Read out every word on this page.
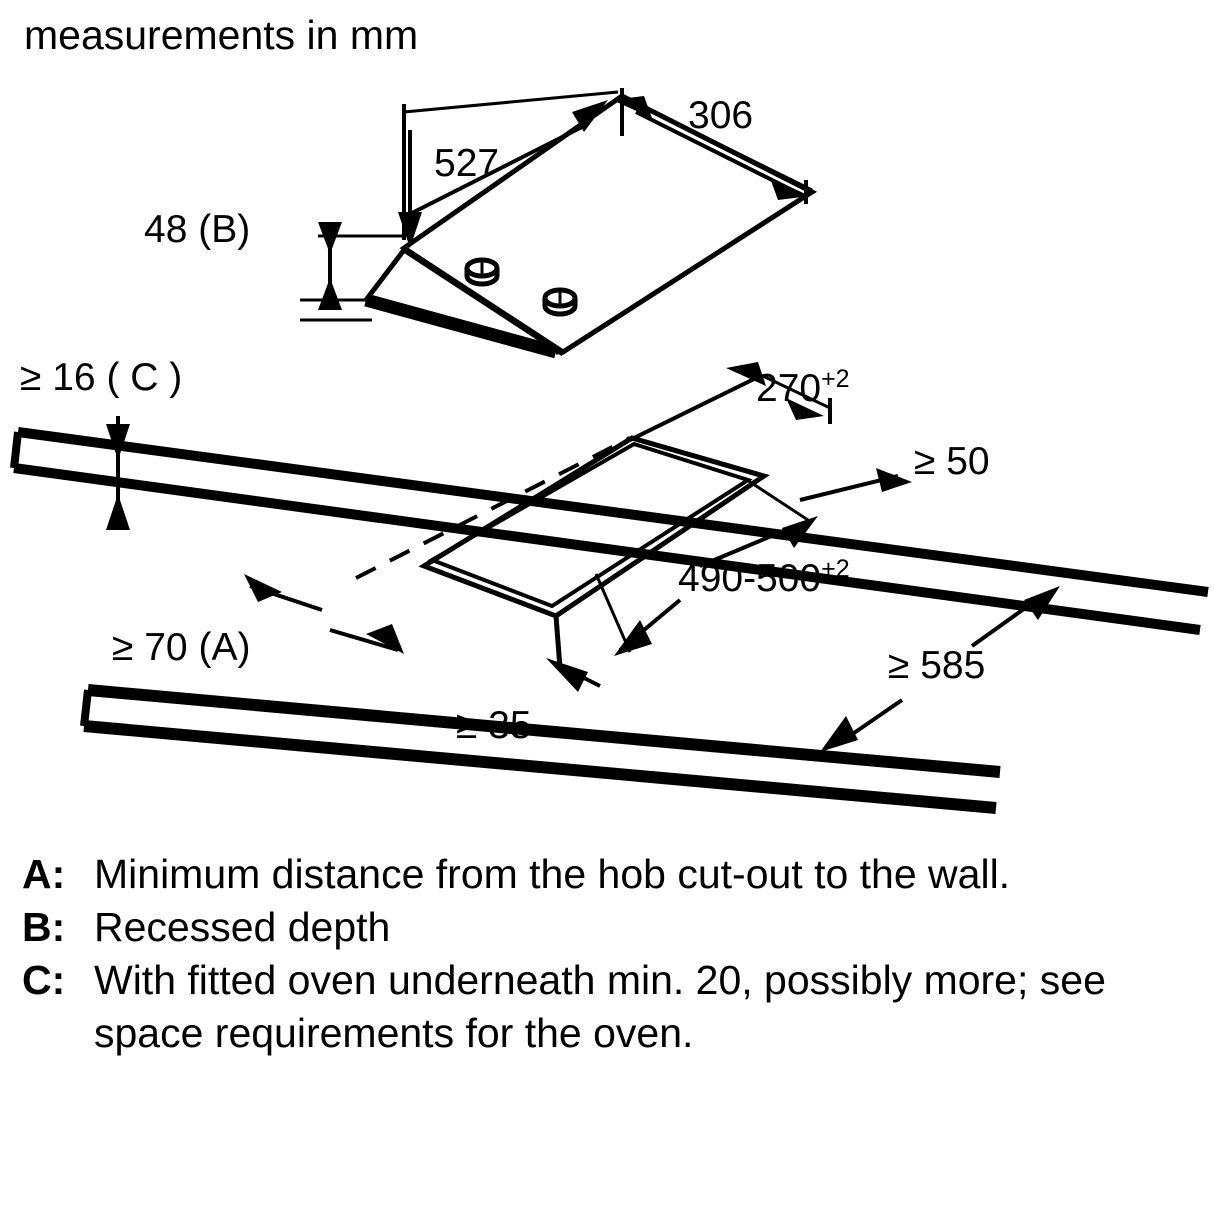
measurements in mm
306
527
48 (B)
≥ 16 ( C )	$270^{+2}$
≥ 50
$490-500^{+2}$
≥ 70 (A)
≥ 35
≥ 585
A: Minimum distance from the hob cut-out to the wall.
B: Recessed depth
C: With fitted oven underneath min. 20, possibly more; see space requirements for the oven.
